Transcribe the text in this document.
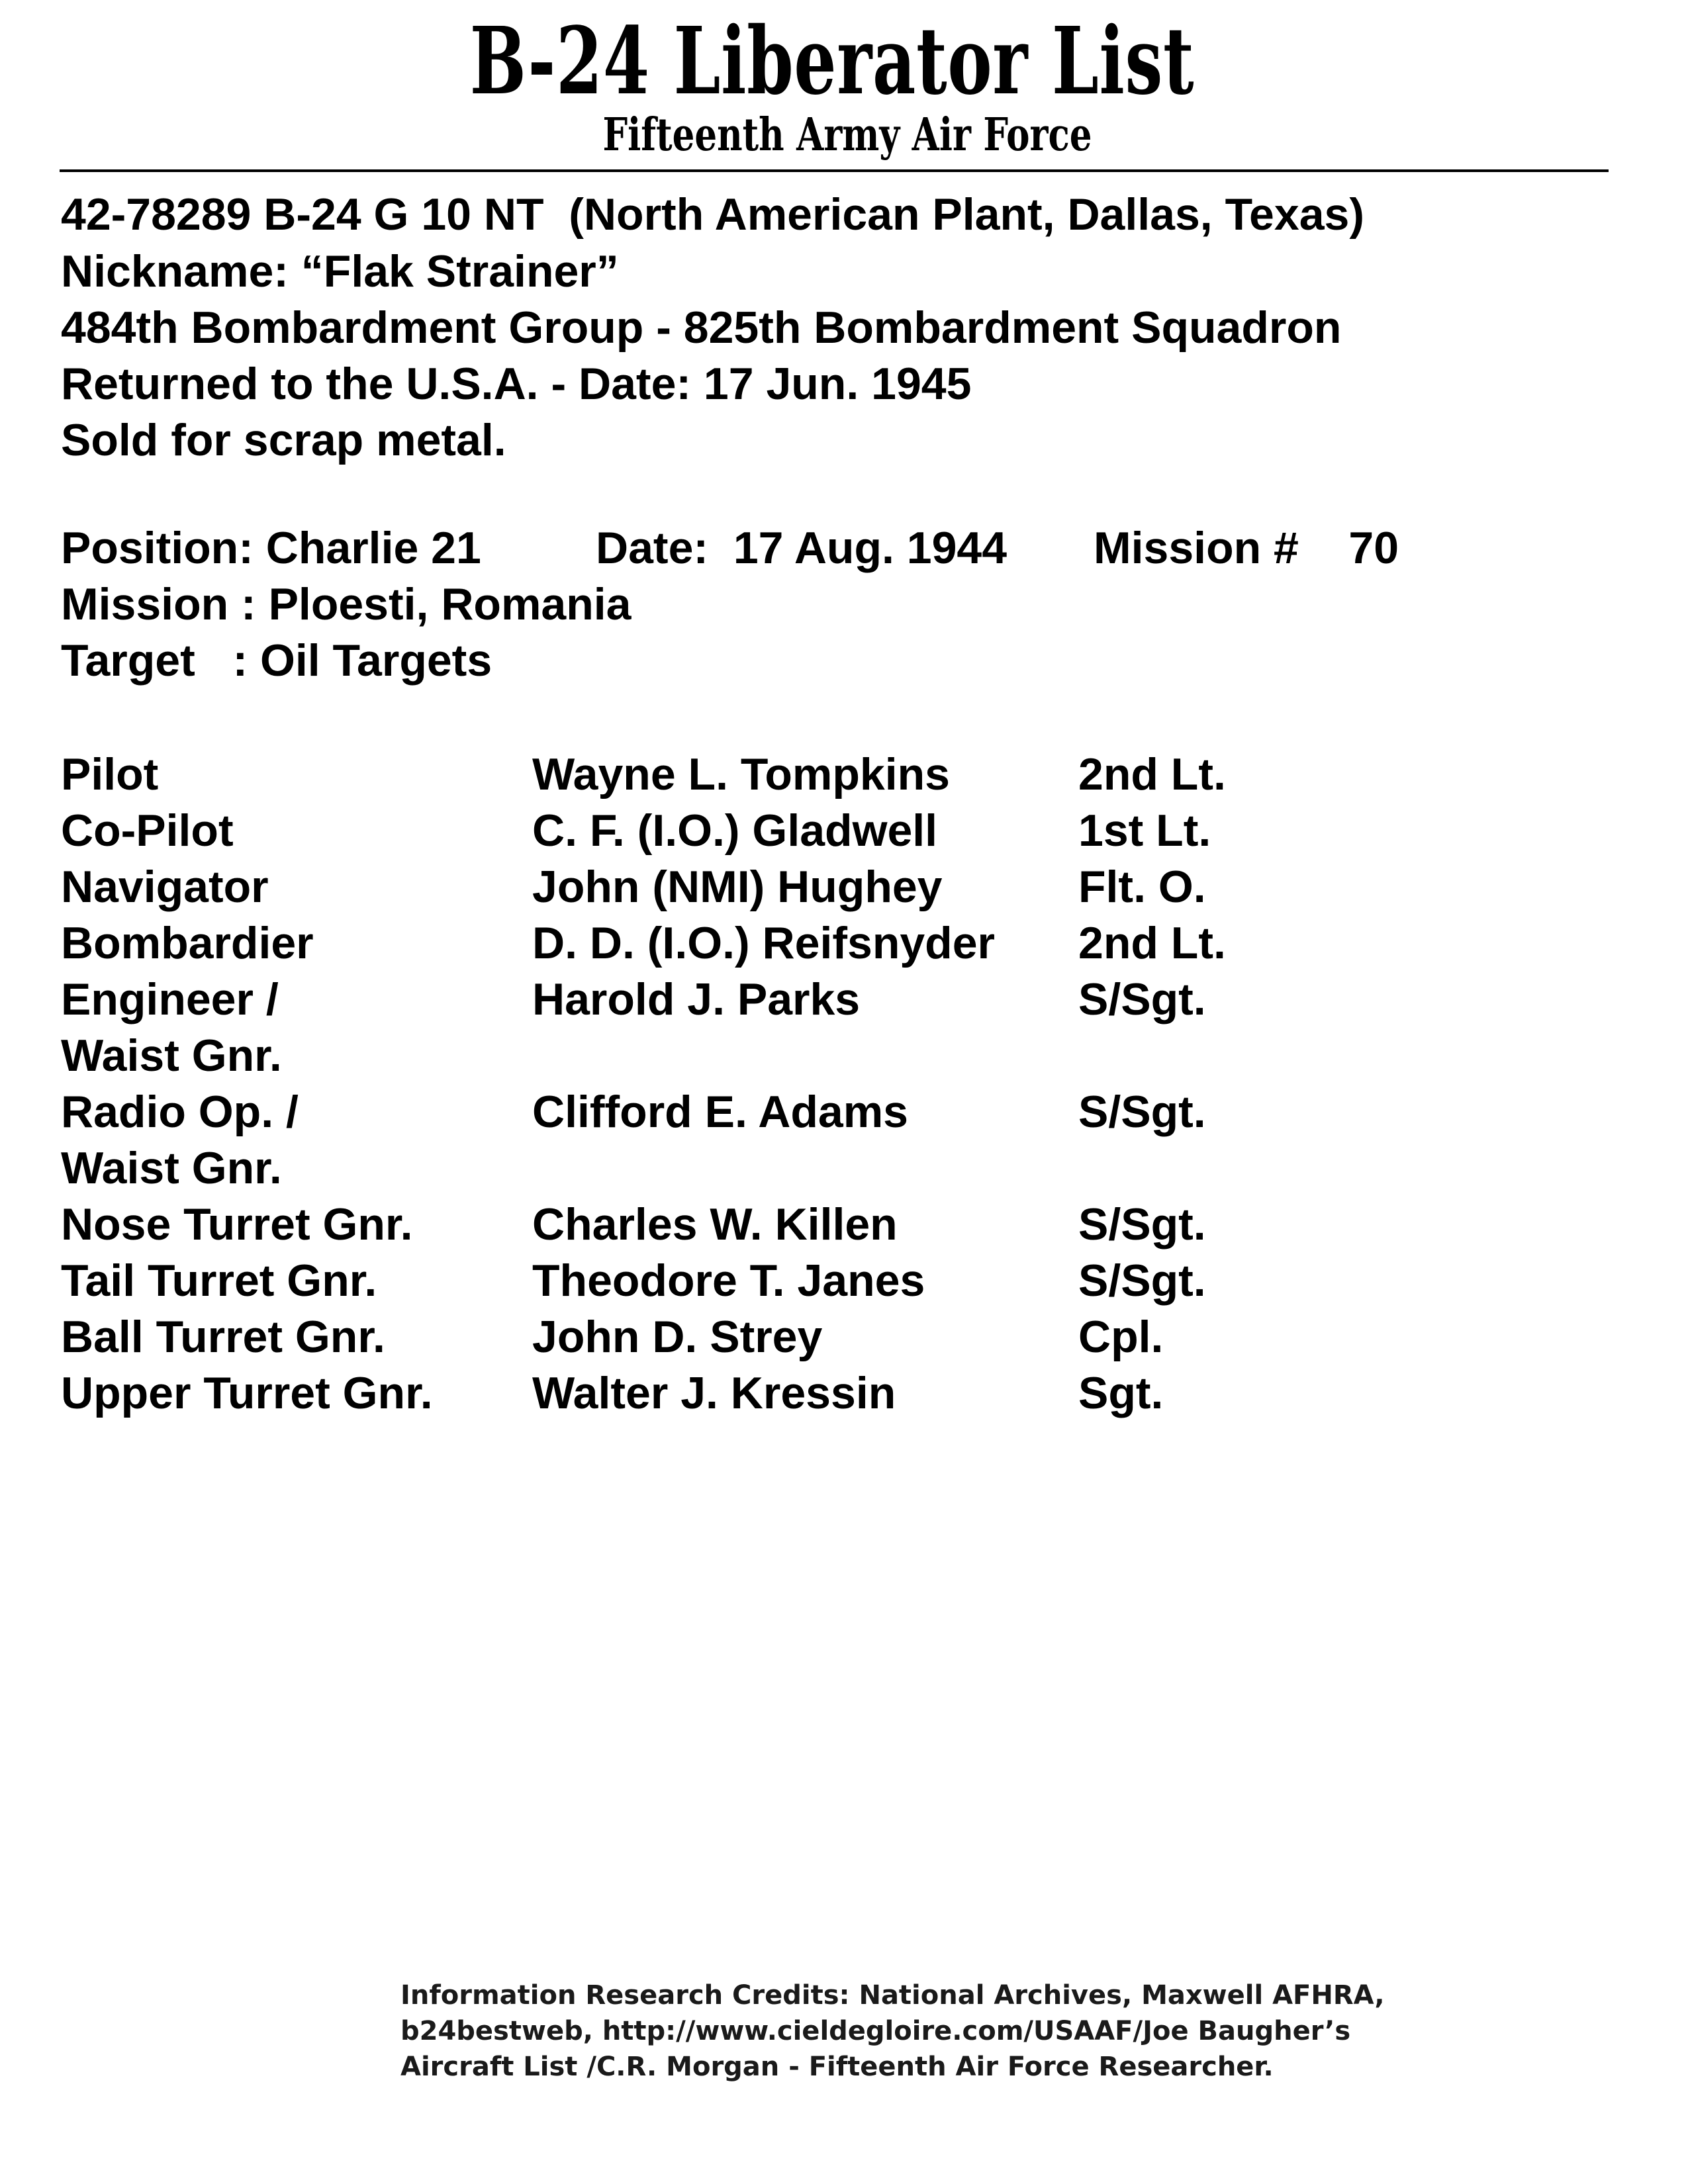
B-24 Liberator List
Fifteenth Army Air Force
42-78289 B-24 G 10 NT  (North American Plant, Dallas, Texas)
Nickname: “Flak Strainer”
484th Bombardment Group - 825th Bombardment Squadron
Returned to the U.S.A. - Date: 17 Jun. 1945
Sold for scrap metal.

Position: Charlie 21

	Date:  17 Aug. 1944

Mission #    70

Mission : Ploesti, Romania
Target   : Oil Targets
Pilot	Wayne L. Tompkins	2nd Lt.
Co-Pilot	C. F. (I.O.) Gladwell	1st Lt.
Navigator	John (NMI) Hughey	Flt. O.
Bombardier	D. D. (I.O.) Reifsnyder 2nd Lt.
Engineer /
Waist Gnr.
Harold J. Parks	S/Sgt.
Radio Op. /
Waist Gnr.
Clifford E. Adams	S/Sgt.
Nose Turret Gnr.	Charles W. Killen	S/Sgt.
Tail Turret Gnr.	Theodore T. Janes	S/Sgt.
Ball Turret Gnr.	John D. Strey	Cpl.
Upper Turret Gnr.	Walter J. Kressin	Sgt.
Information Research Credits: National Archives, Maxwell AFHRA,
b24bestweb, http://www.cieldegloire.com/USAAF/Joe Baugher’s
Aircraft List /C.R. Morgan - Fifteenth Air Force Researcher.
